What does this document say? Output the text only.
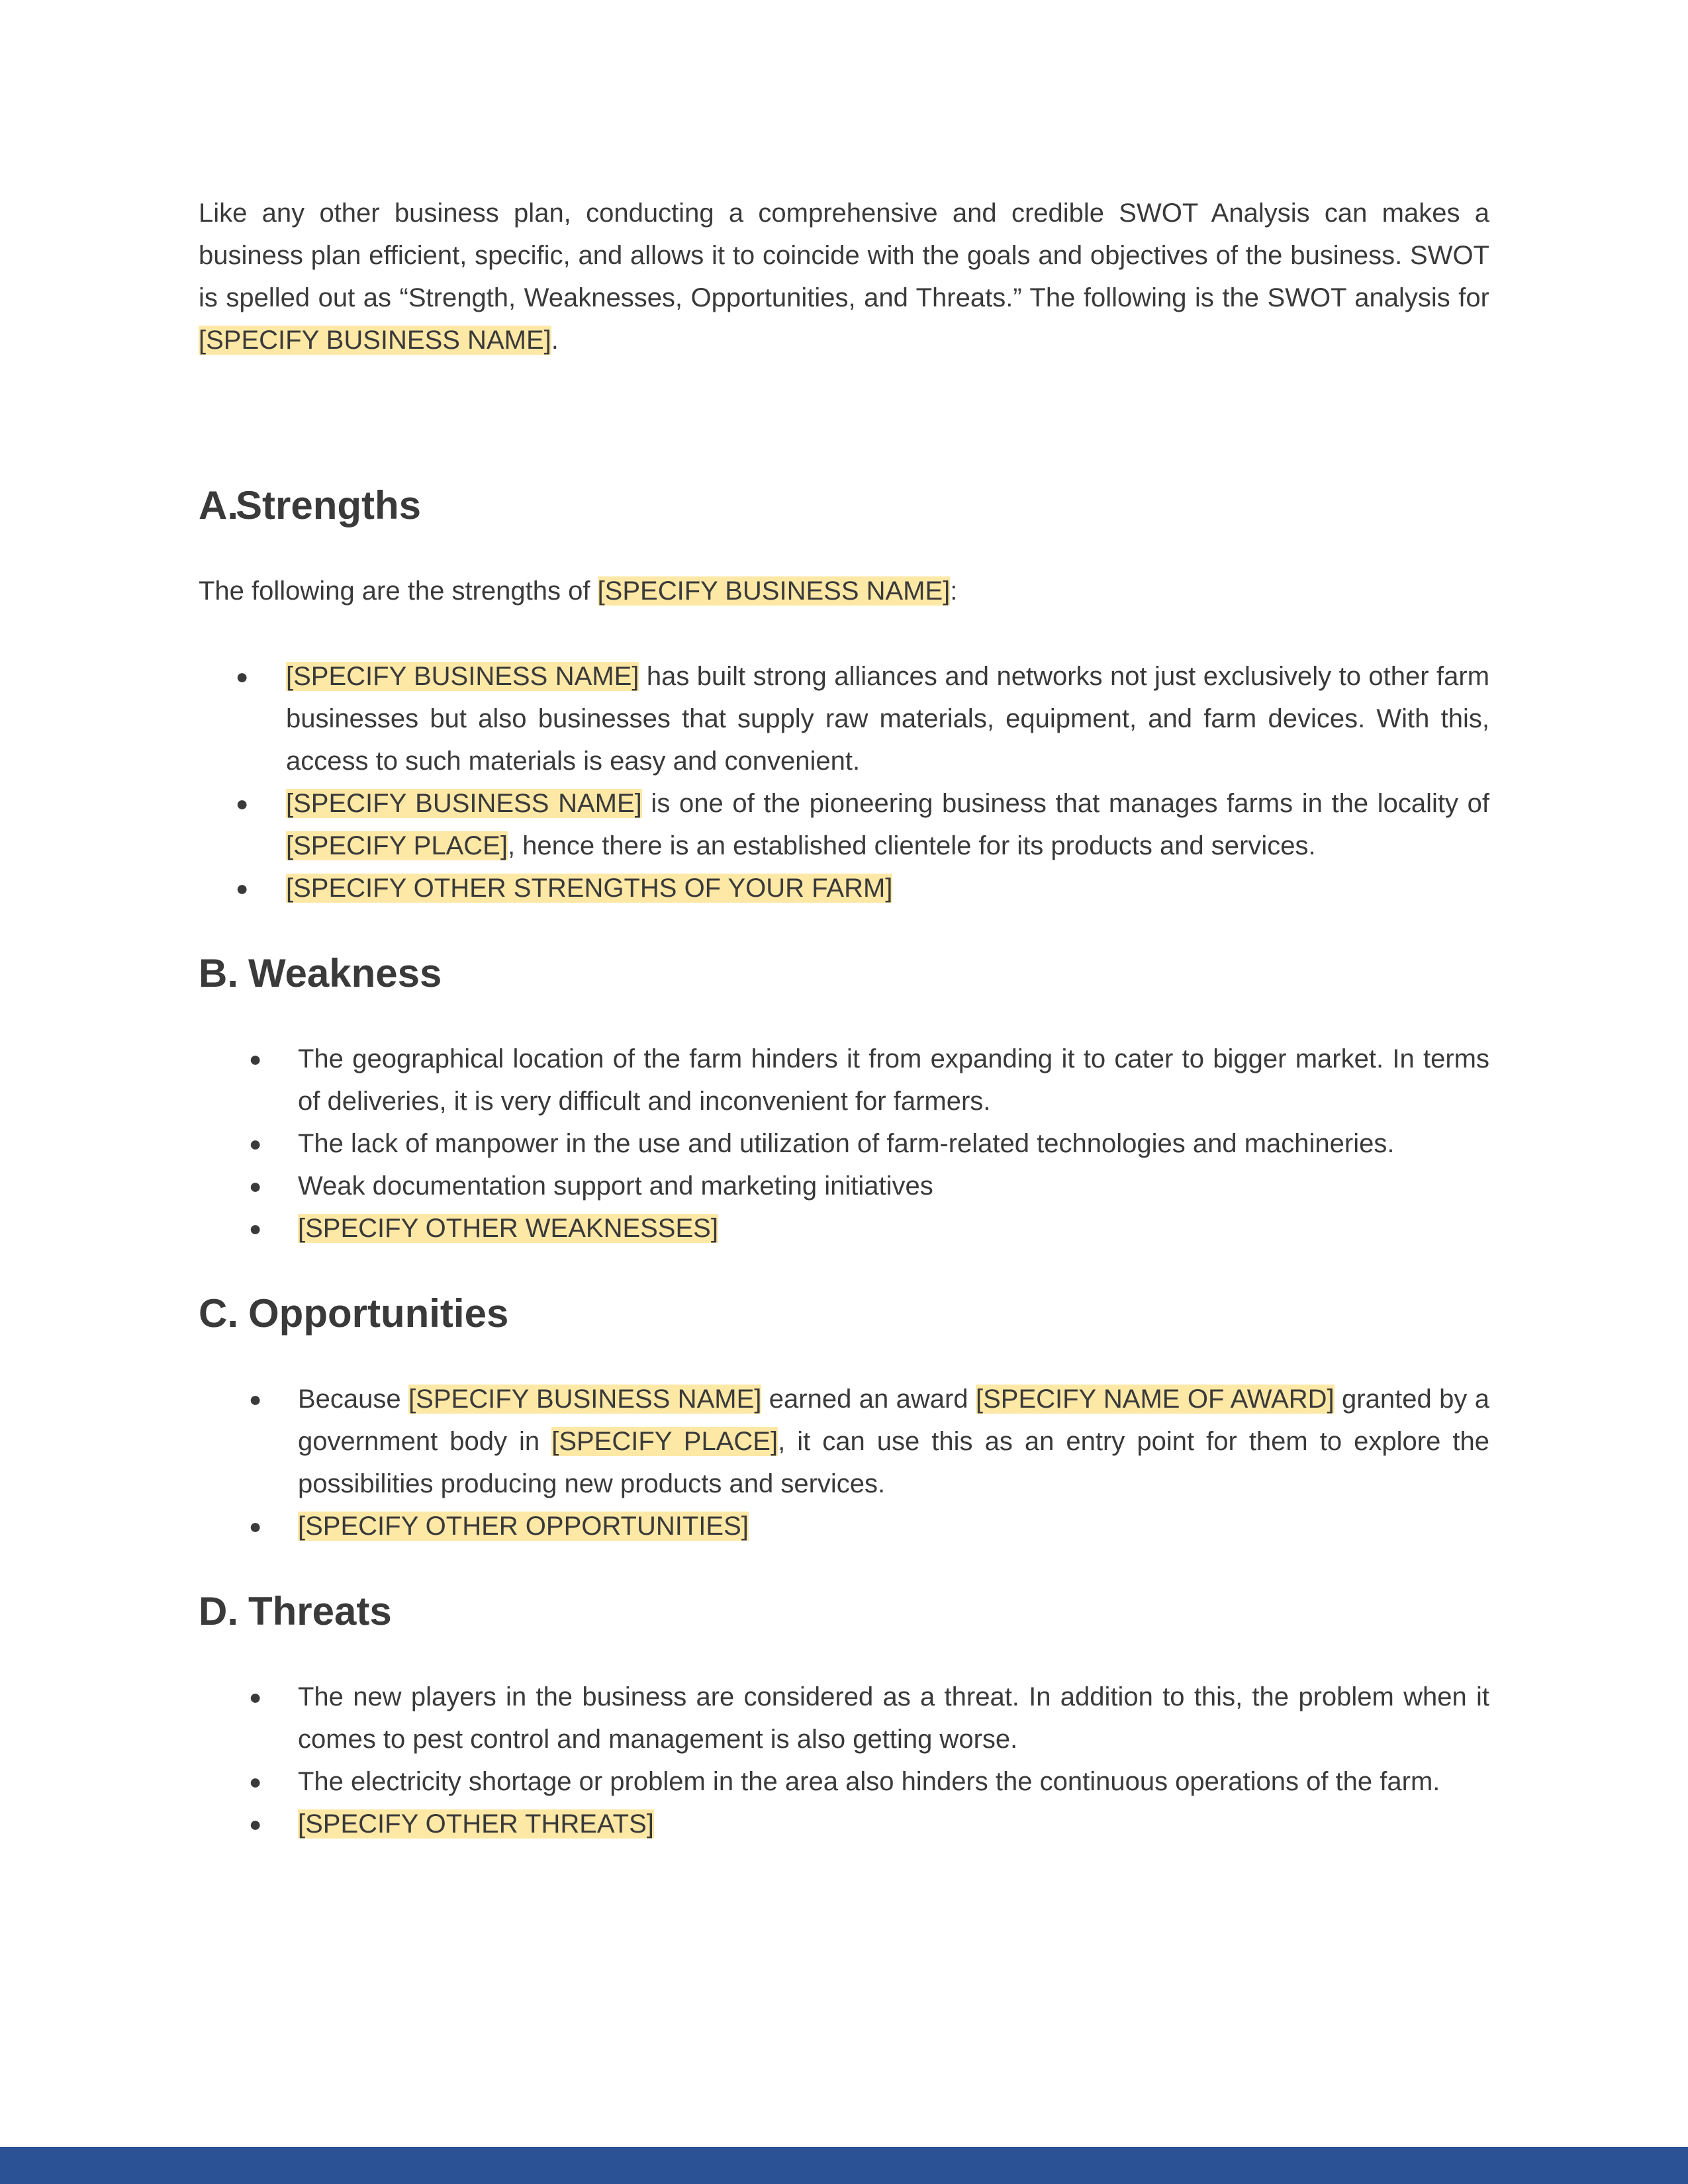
Like any other business plan, conducting a comprehensive and credible SWOT Analysis can makes a business plan efficient, specific, and allows it to coincide with the goals and objectives of the business. SWOT is spelled out as “Strength, Weaknesses, Opportunities, and Threats.” The following is the SWOT analysis for [SPECIFY BUSINESS NAME].

A.
Strengths

The following are the strengths of [SPECIFY BUSINESS NAME]:

● [SPECIFY BUSINESS NAME] has built strong alliances and networks not just exclusively to other farm businesses but also businesses that supply raw materials, equipment, and farm devices. With this, access to such materials is easy and convenient.
● [SPECIFY BUSINESS NAME] is one of the pioneering business that manages farms in the locality of [SPECIFY PLACE], hence there is an established clientele for its products and services.
● [SPECIFY OTHER STRENGTHS OF YOUR FARM]
B. Weakness
● The geographical location of the farm hinders it from expanding it to cater to bigger market. In terms of deliveries, it is very difficult and inconvenient for farmers.
● The lack of manpower in the use and utilization of farm-related technologies and machineries.
● Weak documentation support and marketing initiatives
● [SPECIFY OTHER WEAKNESSES]
C. Opportunities
● Because [SPECIFY BUSINESS NAME] earned an award [SPECIFY NAME OF AWARD] granted by a government body in [SPECIFY PLACE], it can use this as an entry point for them to explore the possibilities producing new products and services.
● [SPECIFY OTHER OPPORTUNITIES]
D. Threats
● The new players in the business are considered as a threat. In addition to this, the problem when it comes to pest control and management is also getting worse.
● The electricity shortage or problem in the area also hinders the continuous operations of the farm.
● [SPECIFY OTHER THREATS]
